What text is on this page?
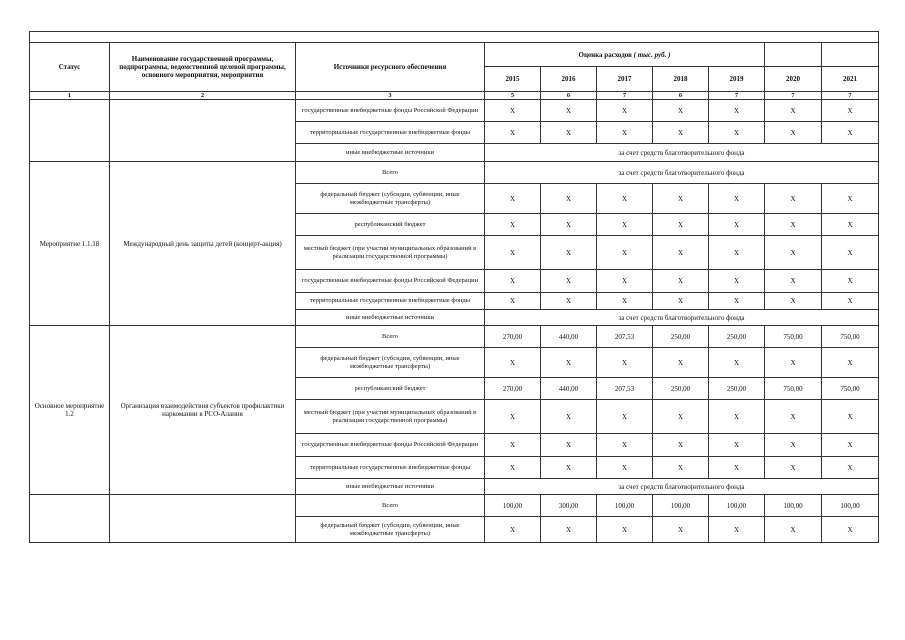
Статус	Наименование государственной программы, подпрограммы, ведомственной целевой программы, основного мероприятия, мероприятия	Источники ресурсного обеспечения	Оценка расходов ( тыс. руб. )						
			2015	2016	2017	2018	2019	2020	2021
1	2	3	5	6	7	6	7	7	7
		государственные внебюджетные фонды Российской Федерации	X	X	X	X	X	X	X
		территориальные государственные внебюджетные фонды	X	X	X	X	X	X	X
		иные внебюджетные источники	за счет средств благотворительного фонда						
Мероприятие 1.1.18	Международный день защиты детей (концерт-акция)	Всего	за счет средств благотворительного фонда						
		федеральный бюджет (субсидии, субвенции, иные межбюджетные трансферты)	X	X	X	X	X	X	X
		республиканский бюджет	X	X	X	X	X	X	X
		местный бюджет (при участии муниципальных образований в реализации государственной программы)	X	X	X	X	X	X	X
		государственные внебюджетные фонды Российской Федерации	X	X	X	X	X	X	X
		территориальные государственные внебюджетные фонды	X	X	X	X	X	X	X
		иные внебюджетные источники	за счет средств благотворительного фонда						
Основное мероприятие 1.2	Организация взаимодействия субъектов профилактики наркомании в РСО-Алания	Всего	270,00	440,00	207,53	250,00	250,00	750,00	750,00
		федеральный бюджет (субсидии, субвенции, иные межбюджетные трансферты)	X	X	X	X	X	X	X
		республиканский бюджет	270,00	440,00	207,53	250,00	250,00	750,00	750,00
		местный бюджет (при участии муниципальных образований в реализации государственной программы)	X	X	X	X	X	X	X
		государственные внебюджетные фонды Российской Федерации	X	X	X	X	X	X	X
		территориальные государственные внебюджетные фонды	X	X	X	X	X	X	X
		иные внебюджетные источники	за счет средств благотворительного фонда						
		Всего	100,00	300,00	100,00	100,00	100,00	100,00	100,00
		федеральный бюджет (субсидии, субвенции, иные межбюджетные трансферты)	X	X	X	X	X	X	X
